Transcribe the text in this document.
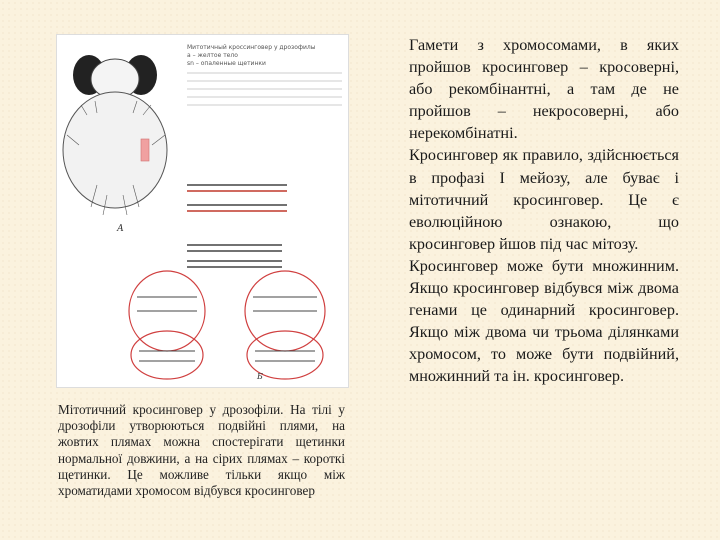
А
Митотичный кроссинговер у дрозофилы
а – желтое тело
sn – опаленные щетинки
Б
Мітотичний кросинговер у дрозофіли. На тілі у дрозофіли утворюються подвійні плями, на жовтих плямах можна спостерігати щетинки нормальної довжини, а на сірих плямах – короткі щетинки. Це можливе тільки якщо між хроматидами хромосом відбувся кросинговер

Гамети з хромосомами, в яких пройшов кросинговер – кросоверні, або рекомбінантні, а там де не пройшов – некросоверні, або нерекомбінатні.

Кросинговер як правило, здійснюється в профазі І мейозу, але буває і мітотичний кросинговер. Це є еволюційною ознакою, що кросинговер йшов під час мітозу.

Кросинговер може бути множинним. Якщо кросинговер відбувся між двома генами це одинарний кросинговер. Якщо між двома чи трьома ділянками хромосом, то може бути подвійний, множинний та ін. кросинговер.
